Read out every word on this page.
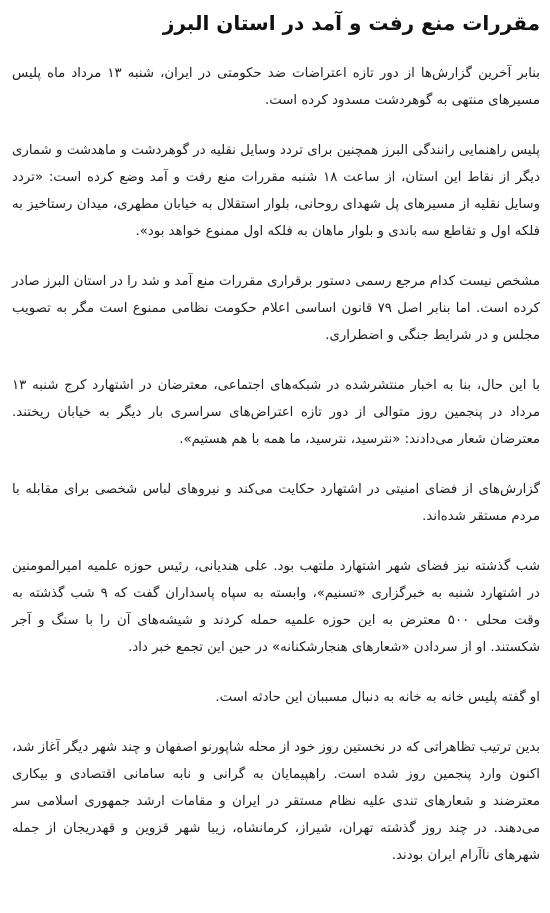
مقررات منع رفت و آمد در استان البرز

بنابر آخرین گزارش‌ها از دور تازه اعتراضات ضد حکومتی در ایران، شنبه ۱۳ مرداد ماه پلیس مسیرهای منتهی به گوهردشت مسدود کرده است.

پلیس راهنمایی رانندگی البرز همچنین برای تردد وسایل نقلیه در گوهردشت و ماهدشت و شماری دیگر از نقاط این استان، از ساعت ۱۸ شنبه مقررات منع رفت و آمد وضع کرده است: «تردد وسایل نقلیه از مسیرهای پل شهدای روحانی، بلوار استقلال به خیابان مطهری، میدان رستاخیز به فلکه اول و تقاطع سه باندی و بلوار ماهان به فلکه اول ممنوع خواهد بود».

مشخص نیست کدام مرجع رسمی دستور برقراری مقررات منع آمد و شد را در استان البرز صادر کرده است. اما بنابر اصل ۷۹ قانون اساسی اعلام حکومت نظامی ممنوع است مگر به تصویب مجلس و در شرایط جنگی و اضطراری.

با این حال، بنا به اخبار منتشرشده در شبکه‌های اجتماعی، معترضان در اشتهارد کرج شنبه ۱۳ مرداد در پنجمین روز متوالی از دور تازه اعتراض‌های سراسری بار دیگر به خیابان ریختند. معترضان شعار می‌دادند: «نترسید، نترسید، ما همه با هم هستیم».

گزارش‌های از فضای امنیتی در اشتهارد حکایت می‌کند و نیروهای لباس شخصی برای مقابله با مردم مستقر شده‌اند.

شب گذشته نیز فضای شهر اشتهارد ملتهب بود. علی هندیانی، رئیس حوزه علمیه امیرالمومنین در اشتهارد شنبه به خبرگزاری «تسنیم»، وابسته به سپاه پاسداران گفت که ۹ شب گذشته به وقت محلی ۵۰۰ معترض به این حوزه علمیه حمله کردند و شیشه‌های آن را با سنگ و آجر شکستند. او از سردادن «شعارهای هنجارشکنانه» در حین این تجمع خبر داد.

او گفته پلیس خانه به خانه به دنبال مسببان این حادثه است.

بدین ترتیب تظاهراتی که در نخستین روز خود از محله شاپورنو اصفهان و چند شهر دیگر آغاز شد، اکنون وارد پنجمین روز شده است. راهپیمایان به گرانی و نابه سامانی اقتصادی و بیکاری معترضند و شعارهای تندی علیه نظام مستقر در ایران و مقامات ارشد جمهوری اسلامی سر می‌دهند. در چند روز گذشته تهران، شیراز، کرمانشاه، زیبا شهر قزوین و قهدریجان از جمله شهرهای ناآرام ایران بودند.
